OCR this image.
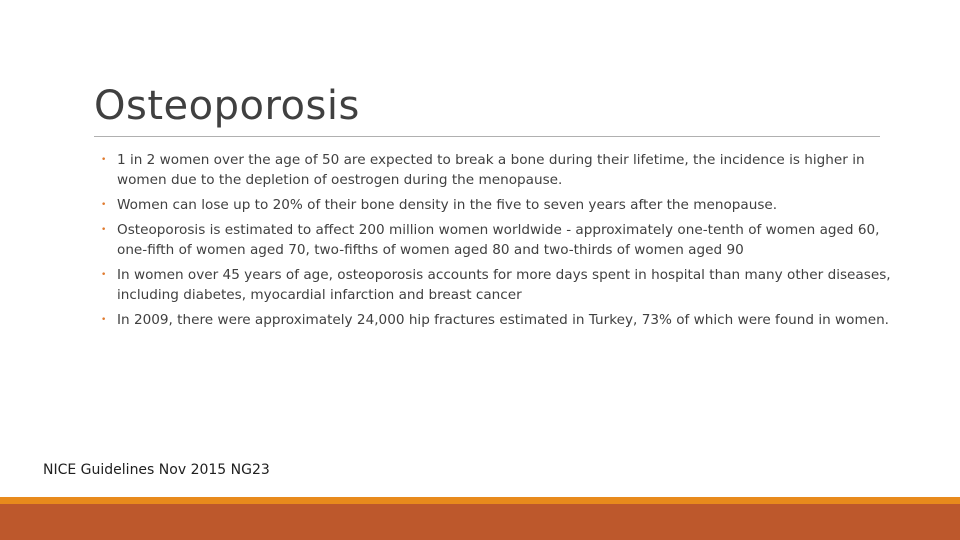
Osteoporosis
• 1 in 2 women over the age of 50 are expected to break a bone during their lifetime, the incidence is higher in women due to the depletion of oestrogen during the menopause.
• Women can lose up to 20% of their bone density in the five to seven years after the menopause.
• Osteoporosis is estimated to affect 200 million women worldwide - approximately one-tenth of women aged 60, one-fifth of women aged 70, two-fifths of women aged 80 and two-thirds of women aged 90
• In women over 45 years of age, osteoporosis accounts for more days spent in hospital than many other diseases, including diabetes, myocardial infarction and breast cancer
• In 2009, there were approximately 24,000 hip fractures estimated in Turkey, 73% of which were found in women.
NICE Guidelines Nov 2015 NG23
